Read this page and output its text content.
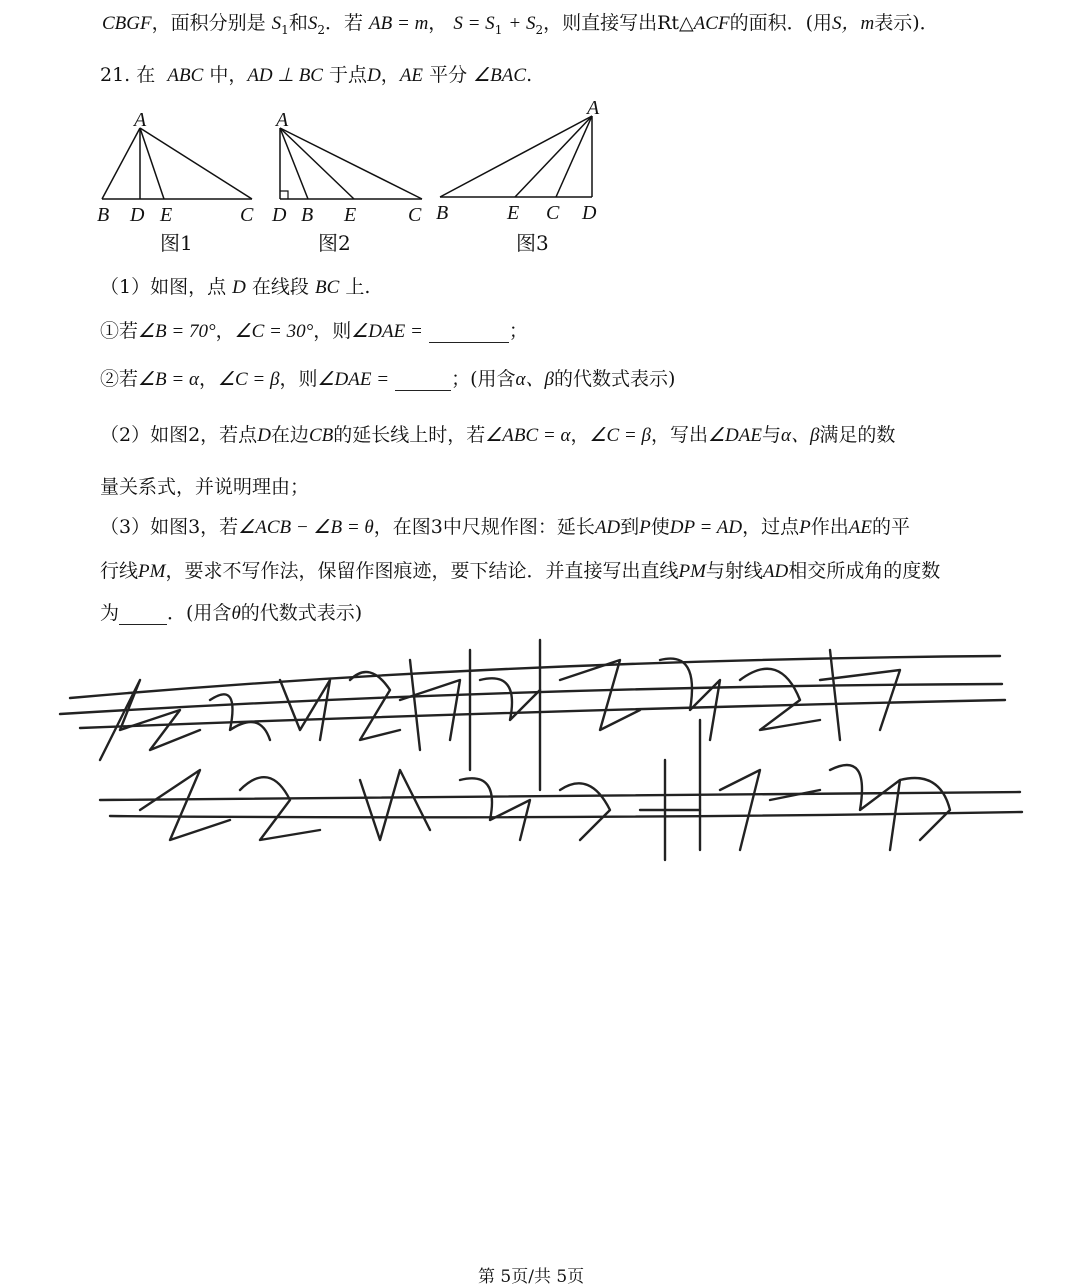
CBGF，面积分别是 $S_1$和$S_2$．若 AB = m， $S = S_1 + S_2$，则直接写出Rt△ACF的面积．(用S，m表示)．
21. 在 ABC 中，AD ⊥ BC 于点D，AE 平分 ∠BAC.
A
B D E	C
图1
A
D B E	C
图2
A
B	E C D
图3
（1）如图，点 D 在线段 BC 上.
①若∠B = 70°，∠C = 30°，则∠DAE =	；
②若∠B = α，∠C = β，则∠DAE =	；(用含α、β的代数式表示)
（2）如图2，若点D在边CB的延长线上时，若∠ABC = α，∠C = β，写出∠DAE与α、β满足的数
量关系式，并说明理由；
（3）如图3，若∠ACB − ∠B = θ，在图3中尺规作图：延长AD到P使DP = AD，过点P作出AE的平
行线PM，要求不写作法，保留作图痕迹，要下结论．并直接写出直线PM与射线AD相交所成角的度数
为	．(用含θ的代数式表示)
第 5页/共 5页
